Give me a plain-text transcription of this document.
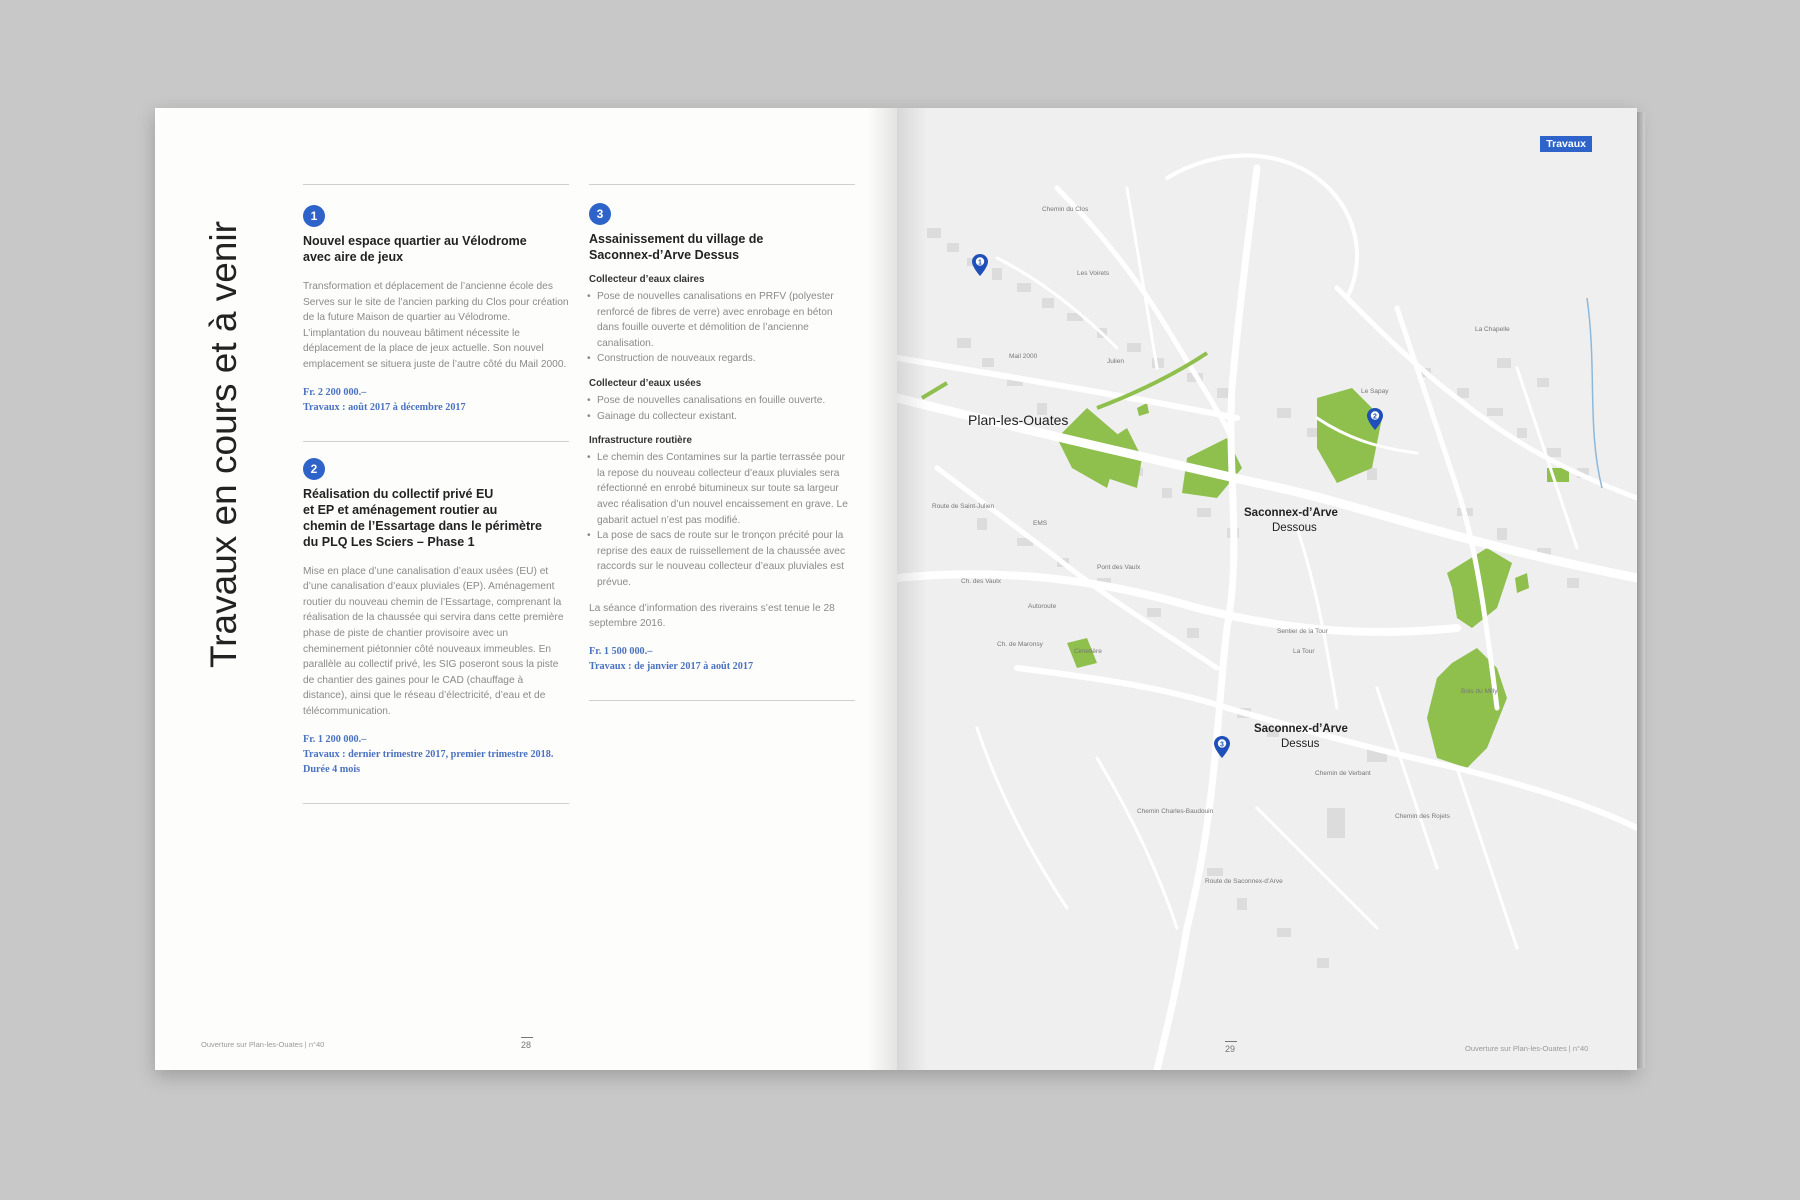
Travaux en cours et à venir
1
Nouvel espace quartier au Vélodrome
avec aire de jeux
Transformation et déplacement de l’ancienne école des Serves sur le site de l’ancien parking du Clos pour création de la future Maison de quartier au Vélodrome. L’implantation du nouveau bâtiment nécessite le déplacement de la place de jeux actuelle. Son nouvel emplacement se situera juste de l’autre côté du Mail 2000.
Fr. 2 200 000.–
Travaux : août 2017 à décembre 2017
2
Réalisation du collectif privé EU
et EP et aménagement routier au
chemin de l’Essartage dans le périmètre
du PLQ Les Sciers – Phase 1
Mise en place d’une canalisation d’eaux usées (EU) et d’une canalisation d’eaux pluviales (EP). Aménagement routier du nouveau chemin de l’Essartage, comprenant la réalisation de la chaussée qui servira dans cette première phase de piste de chantier provisoire avec un cheminement piétonnier côté nouveaux immeubles. En parallèle au collectif privé, les SIG poseront sous la piste de chantier des gaines pour le CAD (chauffage à distance), ainsi que le réseau d’électricité, d’eau et de télécommunication.
Fr. 1 200 000.–
Travaux : dernier trimestre 2017, premier trimestre 2018.
Durée 4 mois
3
Assainissement du village de
Saconnex-d’Arve Dessus
Collecteur d’eaux claires
• Pose de nouvelles canalisations en PRFV (polyester renforcé de fibres de verre) avec enrobage en béton dans fouille ouverte et démolition de l’ancienne canalisation.
• Construction de nouveaux regards.
Collecteur d’eaux usées
• Pose de nouvelles canalisations en fouille ouverte.
• Gainage du collecteur existant.
Infrastructure routière
• Le chemin des Contamines sur la partie terrassée pour la repose du nouveau collecteur d’eaux pluviales sera réfectionné en enrobé bitumineux sur toute sa largeur avec réalisation d’un nouvel encaissement en grave. Le gabarit actuel n’est pas modifié.
• La pose de sacs de route sur le tronçon précité pour la reprise des eaux de ruissellement de la chaussée avec raccords sur le nouveau collecteur d’eaux pluviales est prévue.
La séance d’information des riverains s’est tenue le 28 septembre 2016.
Fr. 1 500 000.–
Travaux : de janvier 2017 à août 2017
Ouverture sur Plan-les-Ouates | n°40	28
Travaux
Plan-les-Ouates
Saconnex-d’Arve
Dessous
Saconnex-d’Arve
Dessus
Chemin du Clos
Les Voirets
Julien
Route de Saint-Julien
Autoroute
Ch. de Maronsy
La Tour
Le Sapay
La Chapelle
Bois du Milly
Mail 2000
EMS
Cimetière
Chemin de Verbant
Chemin des Rojets
Pont des Vaulx
Sentier de la Tour
Chemin Charles-Baudouin
Ch. des Vaulx
Route de Saconnex-d’Arve
1
2
3
29	Ouverture sur Plan-les-Ouates | n°40
